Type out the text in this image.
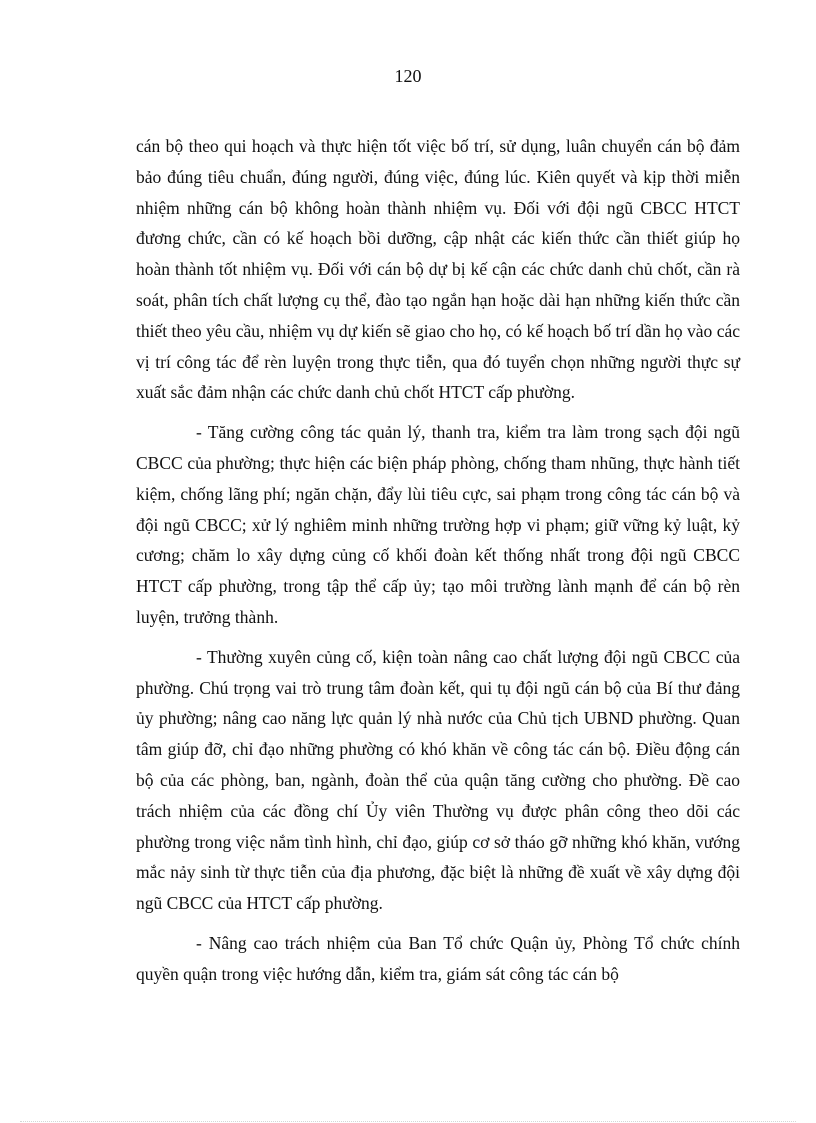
120

cán bộ theo qui hoạch và thực hiện tốt việc bố trí, sử dụng, luân chuyển cán bộ đảm bảo đúng tiêu chuẩn, đúng người, đúng việc, đúng lúc. Kiên quyết và kịp thời miễn nhiệm những cán bộ không hoàn thành nhiệm vụ. Đối với đội ngũ CBCC HTCT đương chức, cần có kế hoạch bồi dưỡng, cập nhật các kiến thức cần thiết giúp họ hoàn thành tốt nhiệm vụ. Đối với cán bộ dự bị kế cận các chức danh chủ chốt, cần rà soát, phân tích chất lượng cụ thể, đào tạo ngắn hạn hoặc dài hạn những kiến thức cần thiết theo yêu cầu, nhiệm vụ dự kiến sẽ giao cho họ, có kế hoạch bố trí dần họ vào các vị trí công tác để rèn luyện trong thực tiễn, qua đó tuyển chọn những người thực sự xuất sắc đảm nhận các chức danh chủ chốt HTCT cấp phường.

- Tăng cường công tác quản lý, thanh tra, kiểm tra làm trong sạch đội ngũ CBCC của phường; thực hiện các biện pháp phòng, chống tham nhũng, thực hành tiết kiệm, chống lãng phí; ngăn chặn, đẩy lùi tiêu cực, sai phạm trong công tác cán bộ và đội ngũ CBCC; xử lý nghiêm minh những trường hợp vi phạm; giữ vững kỷ luật, kỷ cương; chăm lo xây dựng củng cố khối đoàn kết thống nhất trong đội ngũ CBCC HTCT cấp phường, trong tập thể cấp ủy; tạo môi trường lành mạnh để cán bộ rèn luyện, trưởng thành.

- Thường xuyên củng cố, kiện toàn nâng cao chất lượng đội ngũ CBCC của phường. Chú trọng vai trò trung tâm đoàn kết, qui tụ đội ngũ cán bộ của Bí thư đảng ủy phường; nâng cao năng lực quản lý nhà nước của Chủ tịch UBND phường. Quan tâm giúp đỡ, chỉ đạo những phường có khó khăn về công tác cán bộ. Điều động cán bộ của các phòng, ban, ngành, đoàn thể của quận tăng cường cho phường. Đề cao trách nhiệm của các đồng chí Ủy viên Thường vụ được phân công theo dõi các phường trong việc nắm tình hình, chỉ đạo, giúp cơ sở tháo gỡ những khó khăn, vướng mắc nảy sinh từ thực tiễn của địa phương, đặc biệt là những đề xuất về xây dựng đội ngũ CBCC của HTCT cấp phường.

- Nâng cao trách nhiệm của Ban Tổ chức Quận ủy, Phòng Tổ chức chính quyền quận trong việc hướng dẫn, kiểm tra, giám sát công tác cán bộ
